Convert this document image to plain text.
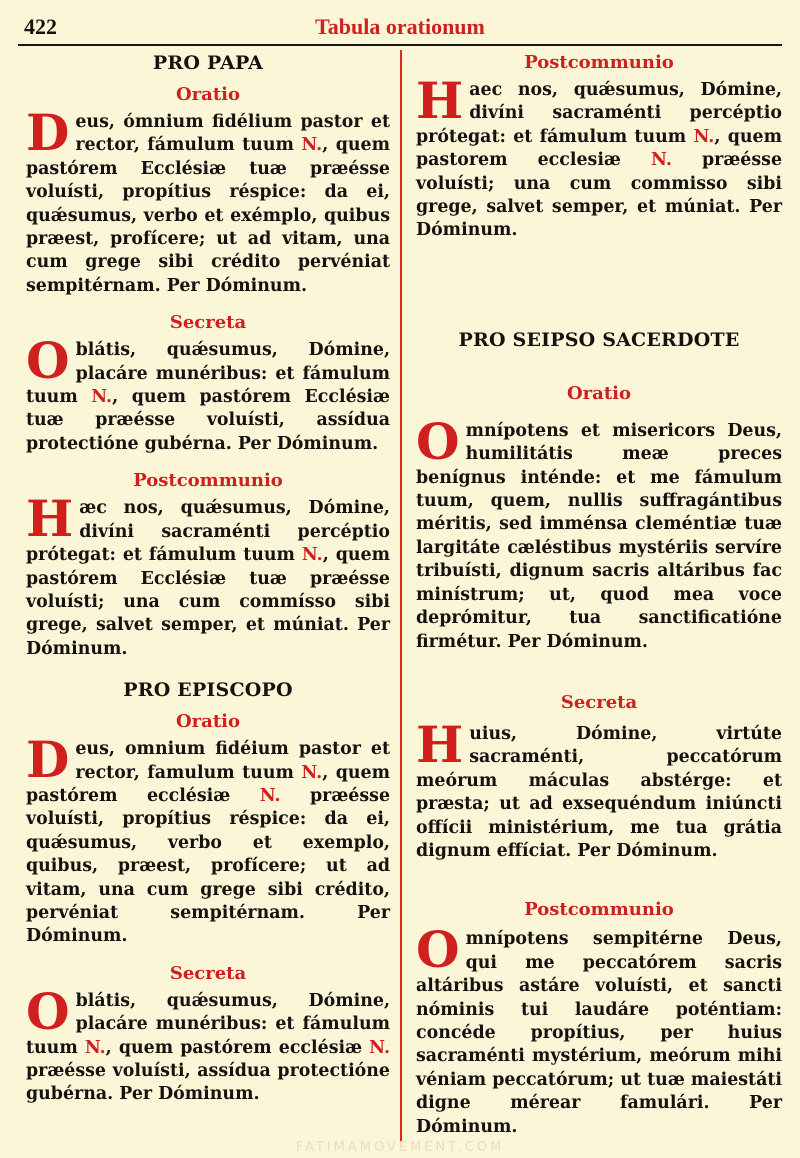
422	Tabula orationum
PRO PAPA
Oratio

Deus, ómnium fidélium pastor et rector, fámulum tuum N., quem pastórem Ecclésiæ tuæ præésse voluísti, propítius réspice: da ei, quǽsumus, verbo et exémplo, quibus præest, profícere; ut ad vitam, una cum grege sibi crédito pervéniat sempitérnam. Per Dóminum.

Secreta

Oblátis, quǽsumus, Dómine, placáre munéribus: et fámulum tuum N., quem pastórem Ecclésiæ tuæ præésse voluísti, assídua protectióne gubérna. Per Dóminum.

Postcommunio

Hæc nos, quǽsumus, Dómine, divíni sacraménti percéptio prótegat: et fámulum tuum N., quem pastórem Ecclésiæ tuæ præésse voluísti; una cum commísso sibi grege, salvet semper, et múniat. Per Dóminum.

PRO EPISCOPO
Oratio

Deus, omnium fidéium pastor et rector, famulum tuum N., quem pastórem ecclésiæ N. præésse voluísti, propítius réspice: da ei, quǽsumus, verbo et exemplo, quibus, præest, profícere; ut ad vitam, una cum grege sibi crédito, pervéniat sempitérnam. Per Dóminum.

Secreta

Oblátis, quǽsumus, Dómine, placáre munéribus: et fámulum tuum N., quem pastórem ecclésiæ N. præésse voluísti, assídua protectióne gubérna. Per Dóminum.

Postcommunio

Haec nos, quǽsumus, Dómine, divíni sacraménti percéptio prótegat: et fámulum tuum N., quem pastorem ecclesiæ N. præésse voluísti; una cum commisso sibi grege, salvet semper, et múniat. Per Dóminum.

PRO SEIPSO SACERDOTE
Oratio

Omnípotens et misericors Deus, humilitátis meæ preces benígnus inténde: et me fámulum tuum, quem, nullis suffragántibus méritis, sed imménsa cleméntiæ tuæ largitáte cæléstibus mystériis servíre tribuísti, dignum sacris altáribus fac minístrum; ut, quod mea voce deprómitur, tua sanctificatióne firmétur. Per Dóminum.

Secreta

Huius, Dómine, virtúte sacraménti, peccatórum meórum máculas abstérge: et præsta; ut ad exsequéndum iniúncti offícii ministérium, me tua grátia dignum effíciat. Per Dóminum.

Postcommunio

Omnípotens sempitérne Deus, qui me peccatórem sacris altáribus astáre voluísti, et sancti nóminis tui laudáre poténtiam: concéde propítius, per huius sacraménti mystérium, meórum mihi véniam peccatórum; ut tuæ maiestáti digne mérear famulári. Per Dóminum.

FATIMAMOVEMENT.COM
